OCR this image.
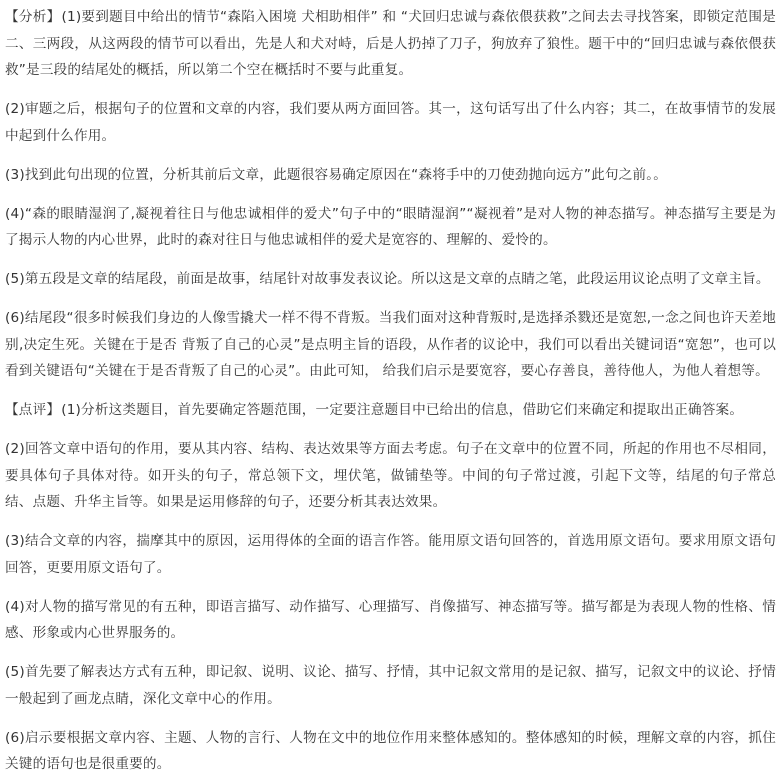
【分析】(1)要到题目中给出的情节“森陷入困境 犬相助相伴” 和 “犬回归忠诚与森依偎获救”之间去去寻找答案，即锁定范围是二、三两段，从这两段的情节可以看出，先是人和犬对峙，后是人扔掉了刀子，狗放弃了狼性。题干中的“回归忠诚与森依偎获救”是三段的结尾处的概括，所以第二个空在概括时不要与此重复。

(2)审题之后，根据句子的位置和文章的内容，我们要从两方面回答。其一，这句话写出了什么内容；其二，在故事情节的发展中起到什么作用。

(3)找到此句出现的位置，分析其前后文章，此题很容易确定原因在“森将手中的刀使劲抛向远方”此句之前。。

(4)“森的眼睛湿润了,凝视着往日与他忠诚相伴的爱犬”句子中的“眼睛湿润”“凝视着”是对人物的神态描写。神态描写主要是为了揭示人物的内心世界，此时的森对往日与他忠诚相伴的爱犬是宽容的、理解的、爱怜的。

(5)第五段是文章的结尾段，前面是故事，结尾针对故事发表议论。所以这是文章的点睛之笔，此段运用议论点明了文章主旨。

(6)结尾段“很多时候我们身边的人像雪撬犬一样不得不背叛。当我们面对这种背叛时,是选择杀戮还是宽恕,一念之间也许天差地别,决定生死。关键在于是否 背叛了自己的心灵”是点明主旨的语段，从作者的议论中，我们可以看出关键词语“宽恕”，也可以看到关键语句“关键在于是否背叛了自己的心灵”。由此可知， 给我们启示是要宽容，要心存善良，善待他人，为他人着想等。

【点评】(1)分析这类题目，首先要确定答题范围，一定要注意题目中已给出的信息，借助它们来确定和提取出正确答案。

(2)回答文章中语句的作用，要从其内容、结构、表达效果等方面去考虑。句子在文章中的位置不同，所起的作用也不尽相同，要具体句子具体对待。如开头的句子，常总领下文，埋伏笔，做铺垫等。中间的句子常过渡，引起下文等，结尾的句子常总结、点题、升华主旨等。如果是运用修辞的句子，还要分析其表达效果。

(3)结合文章的内容，揣摩其中的原因，运用得体的全面的语言作答。能用原文语句回答的，首选用原文语句。要求用原文语句回答，更要用原文语句了。

(4)对人物的描写常见的有五种，即语言描写、动作描写、心理描写、肖像描写、神态描写等。描写都是为表现人物的性格、情感、形象或内心世界服务的。

(5)首先要了解表达方式有五种，即记叙、说明、议论、描写、抒情，其中记叙文常用的是记叙、描写，记叙文中的议论、抒情一般起到了画龙点睛，深化文章中心的作用。

(6)启示要根据文章内容、主题、人物的言行、人物在文中的地位作用来整体感知的。整体感知的时候，理解文章的内容，抓住关键的语句也是很重要的。
